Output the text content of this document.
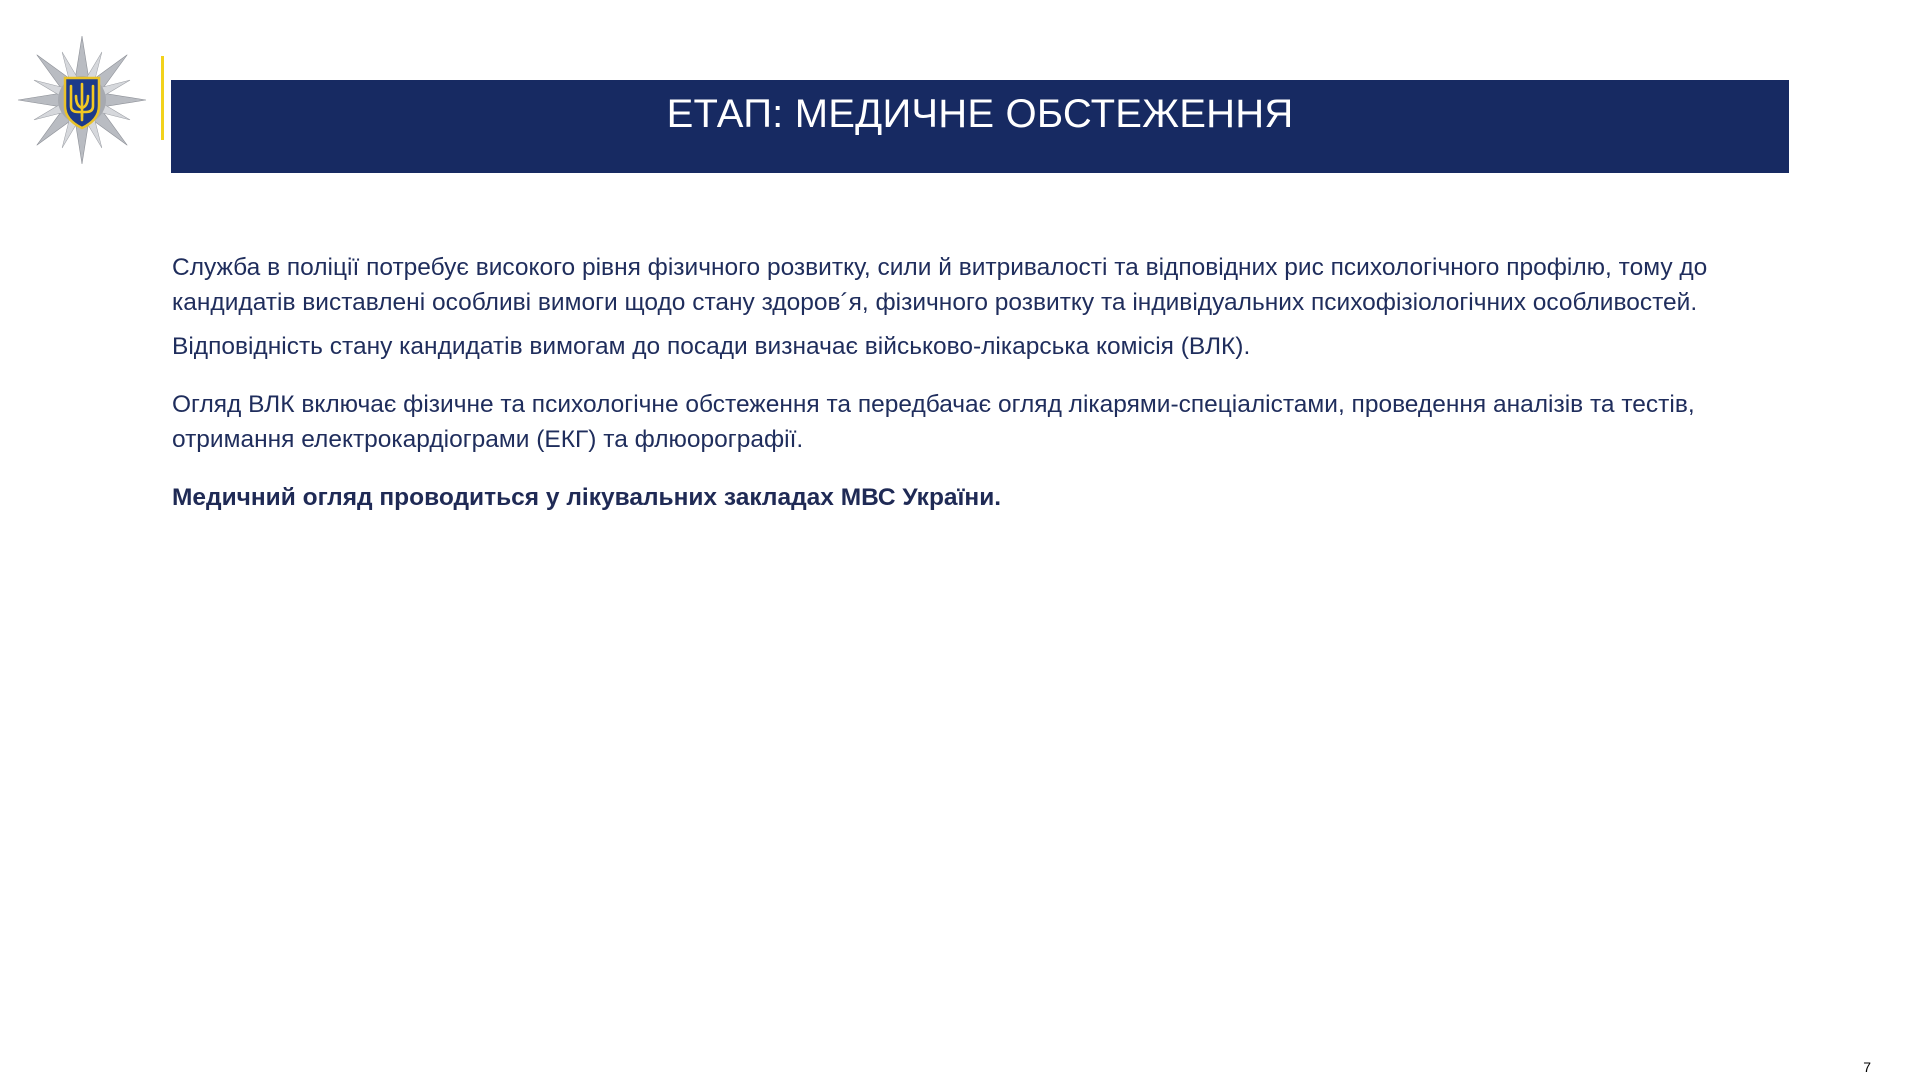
ЕТАП: МЕДИЧНЕ ОБСТЕЖЕННЯ

Служба в поліції потребує високого рівня фізичного розвитку, сили й витривалості та відповідних рис психологічного профілю, тому до кандидатів виставлені особливі вимоги щодо стану здоров´я, фізичного розвитку та індивідуальних психофізіологічних особливостей.

Відповідність стану кандидатів вимогам до посади визначає військово-лікарська комісія (ВЛК).

Огляд ВЛК включає фізичне та психологічне обстеження та передбачає огляд лікарями-спеціалістами, проведення аналізів та тестів, отримання електрокардіограми (ЕКГ) та флюорографії.

Медичний огляд проводиться у лікувальних закладах МВС України.

7
